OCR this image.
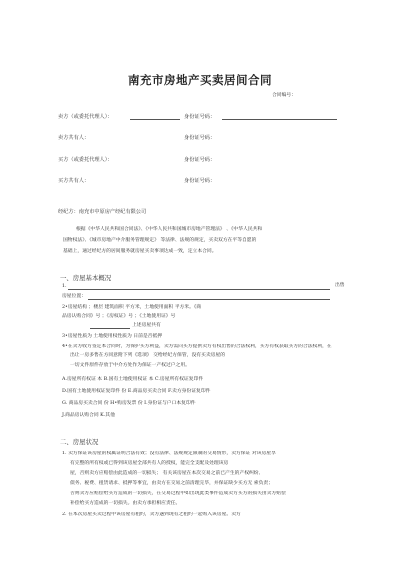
南充市房地产买卖居间合同
合同编号：
卖方（或委托代理人）：	身份证号码：
卖方共有人：	身份证号码：
买方（或委托代理人）：	身份证号码：
买方共有人：	身份证号码：
经纪方：南充市中原房产经纪有限公司
根据《中华人民共和国合同法》、《中华人民共和国城市房地产管理法》 、《中华人民共和
国物权法》、《城市房地产中介服务管理规定》 等法律、法规的规定，买卖双方在平等自愿的
基础上，通过经纪方的居间服务就房屋买卖事项达成一致，定立本合同。
一、房屋基本概况
1.	出售
房屋位置：
2•房屋结构 ；楼层 建筑面积 平方米，土地使用面积 平方米。《商
品房认购合同》号 ；《房权证》号 ；《土地使用证》号
上述房屋共有
3•房屋性质为 土地使用权性质为 日前是否抵押
4•在卖方收方签定本合同时，为保护买方利益，卖方需向买方提供卖方有权出售的合法权利，买方有权获取买方的合法权利，在
出让一房多售在方同意附下列《选项》 交给经纪方保管，没有买卖房屋的
一切文件原件存放于中介方处作为保证一产权过户之用。
A.房屋所有权证 本 B.国有土地使用权证 本 C.房屋所有权证复印件
D.国有土地使用权证复印件 份 E.商品房买卖合同 F.卖方身份证复印件
G. 商品房买卖合同 份 H•购房发票 份 I.身份证与户口本复印件
J.商品房认购合同 K.其他
二、房屋状况
1. 卖方保证该房屋的权属证明合法有效；没有法律、法规规定限制的交易情形，卖方保证 对该房屋享
有完整的所有权或已得到该房屋全部共有人的授权，能完全支配及处理该房
屋，否则卖方应赔偿由此造成的一切损失； 有关该房屋在本次交易之前已产生的产权纠纷、
债务、税费、租赁请求、抵押等事宜，由卖方在交易之前清理完毕，并保证缺少买方无 索负责；
否则卖方应赔偿给买方造成的一切损失，在交易过程中如出现此类事件造成卖方买方的损失由卖方赔偿
补偿给买方造成的一切损失。由卖方承担相应责任。
2. 在本次房屋买卖过程中该房屋有租约，卖方遇到现有之租约一起购入该房屋。卖方
